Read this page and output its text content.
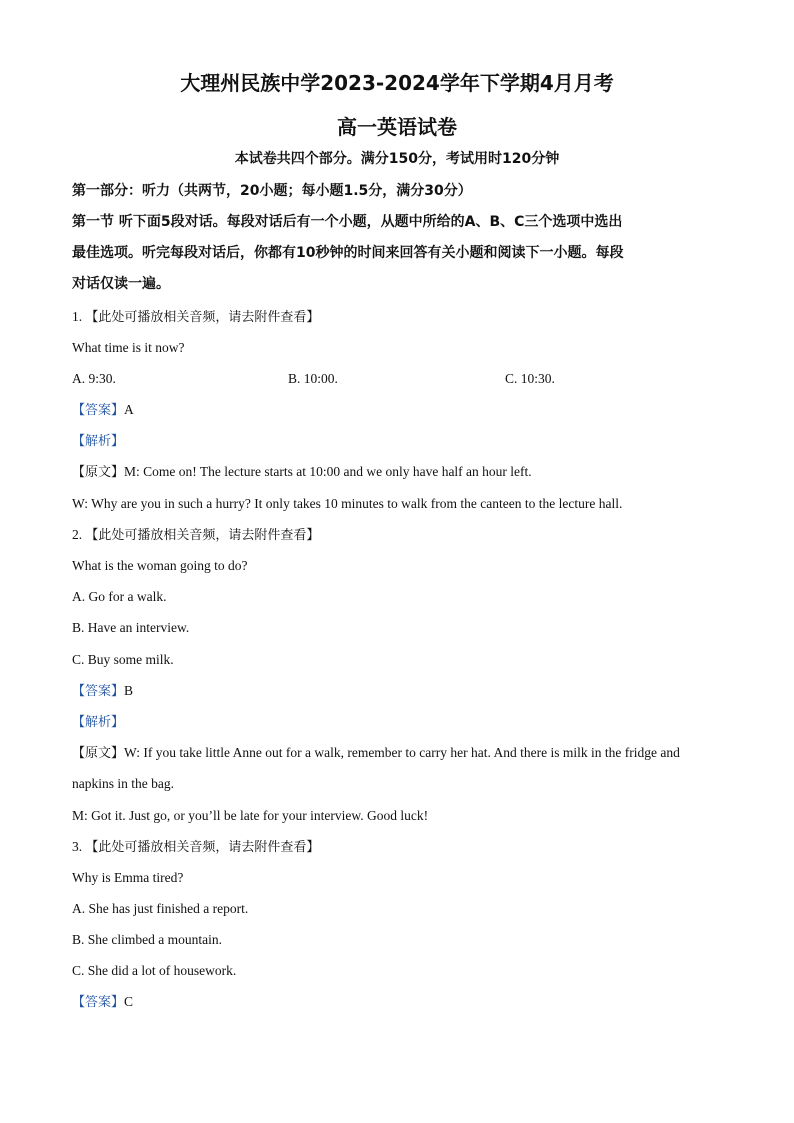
大理州民族中学2023-2024学年下学期4月月考
高一英语试卷
本试卷共四个部分。满分150分，考试用时120分钟
第一部分：听力（共两节，20小题；每小题1.5分，满分30分）
第一节 听下面5段对话。每段对话后有一个小题，从题中所给的A、B、C三个选项中选出
最佳选项。听完每段对话后，你都有10秒钟的时间来回答有关小题和阅读下一小题。每段
对话仅读一遍。
1. 【此处可播放相关音频，请去附件查看】
What time is it now?
A. 9:30.	B. 10:00.	C. 10:30.
【答案】A
【解析】
【原文】M: Come on! The lecture starts at 10:00 and we only have half an hour left.
W: Why are you in such a hurry? It only takes 10 minutes to walk from the canteen to the lecture hall.
2. 【此处可播放相关音频，请去附件查看】
What is the woman going to do?
A. Go for a walk.
B. Have an interview.
C. Buy some milk.
【答案】B
【解析】
【原文】W: If you take little Anne out for a walk, remember to carry her hat. And there is milk in the fridge and
napkins in the bag.
M: Got it. Just go, or you’ll be late for your interview. Good luck!
3. 【此处可播放相关音频，请去附件查看】
Why is Emma tired?
A. She has just finished a report.
B. She climbed a mountain.
C. She did a lot of housework.
【答案】C
